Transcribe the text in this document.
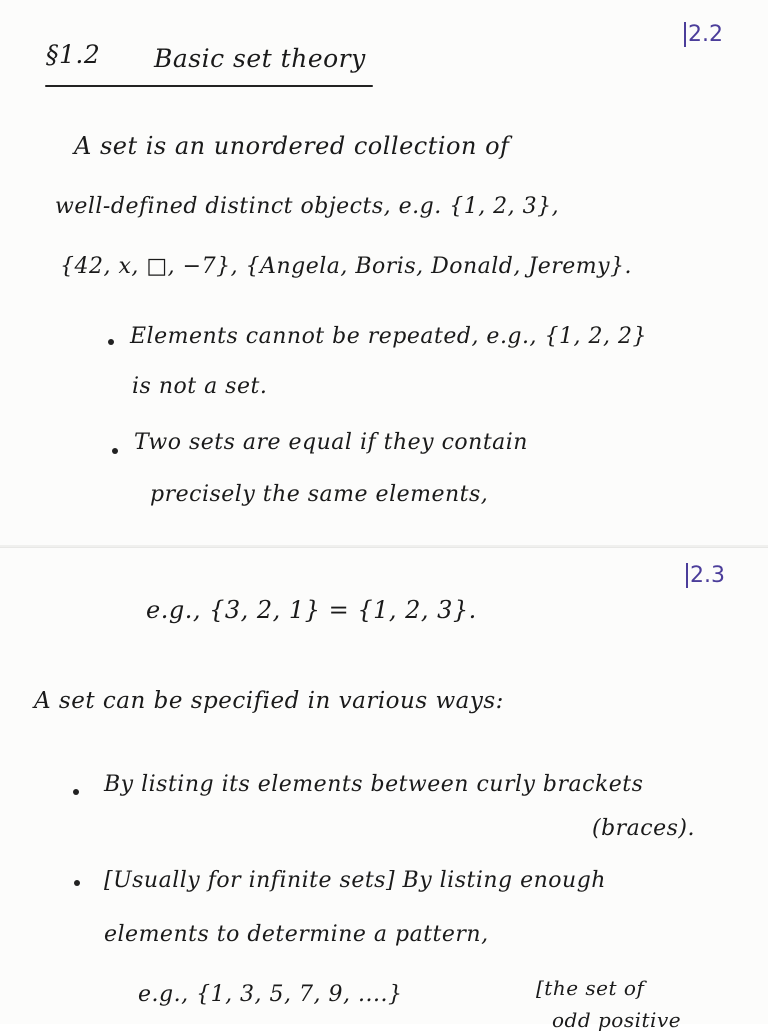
2.2
§1.2 Basic set theory
A set is an unordered collection of
well-defined distinct objects, e.g. {1, 2, 3},
{42, x, □, −7}, {Angela, Boris, Donald, Jeremy}.
Elements cannot be repeated, e.g., {1, 2, 2}
is not a set.
Two sets are equal if they contain
precisely the same elements,
2.3
e.g., {3, 2, 1} = {1, 2, 3}.
A set can be specified in various ways:
By listing its elements between curly brackets
(braces).
[Usually for infinite sets] By listing enough
elements to determine a pattern,
e.g., {1, 3, 5, 7, 9, ....}	[the set of
odd positive
